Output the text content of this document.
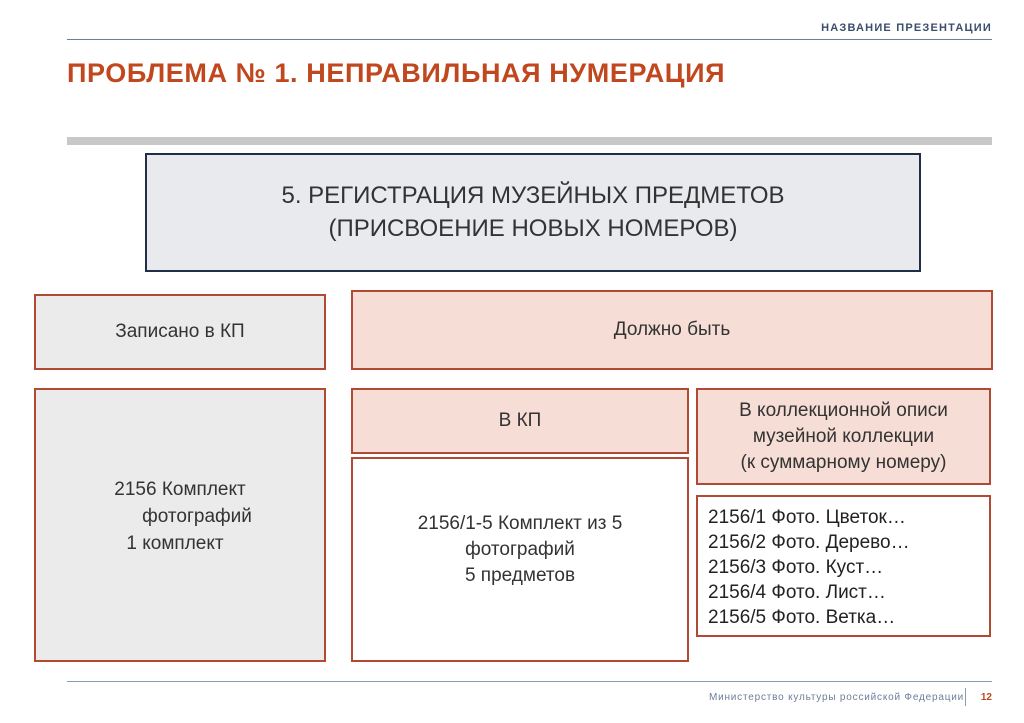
НАЗВАНИЕ ПРЕЗЕНТАЦИИ
ПРОБЛЕМА № 1. НЕПРАВИЛЬНАЯ НУМЕРАЦИЯ
5. РЕГИСТРАЦИЯ МУЗЕЙНЫХ ПРЕДМЕТОВ
(ПРИСВОЕНИЕ НОВЫХ НОМЕРОВ)
Записано в КП	Должно быть
2156 Комплект
фотографий
1 комплект
В КП
2156/1-5 Комплект из 5
фотографий
5 предметов
В коллекционной описи
музейной коллекции
(к суммарному номеру)
2156/1 Фото. Цветок…
2156/2 Фото. Дерево…
2156/3 Фото. Куст…
2156/4 Фото. Лист…
2156/5 Фото. Ветка…
Министерство культуры российской Федерации 12
